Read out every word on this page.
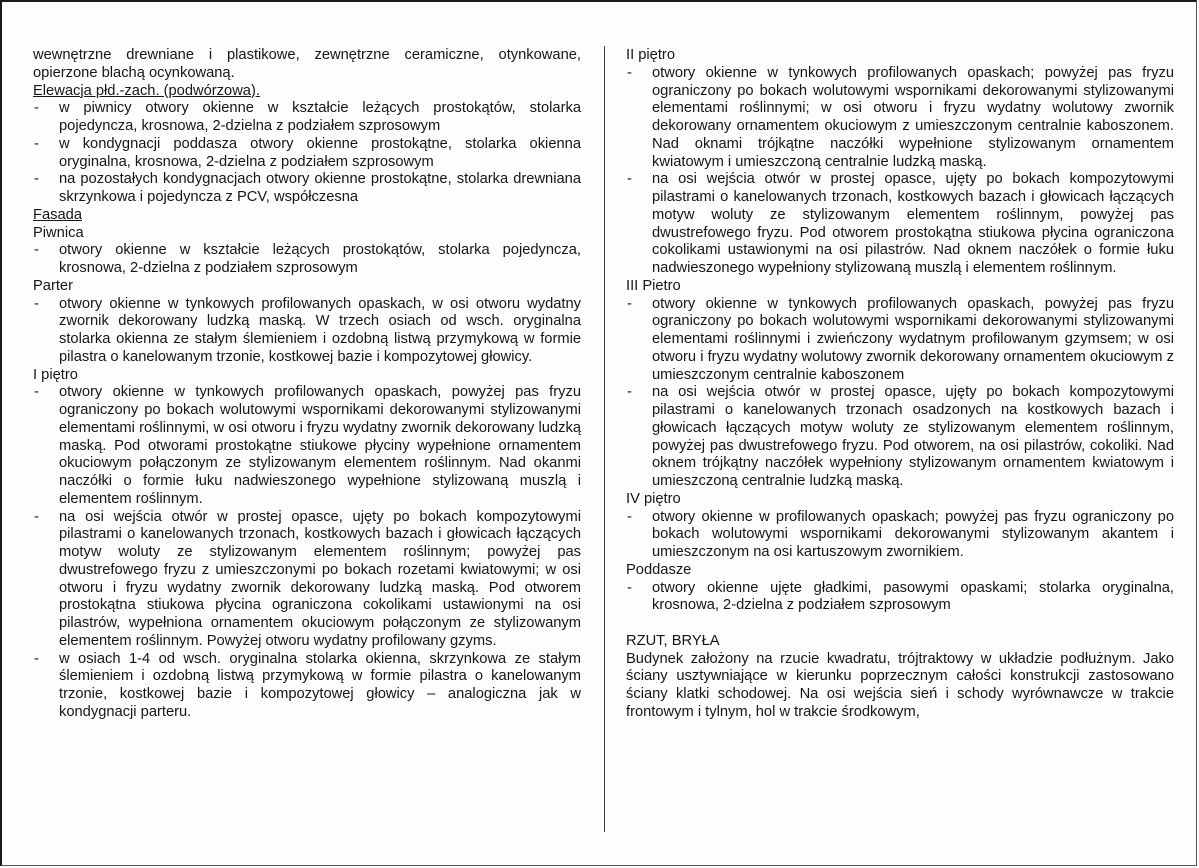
wewnętrzne drewniane i plastikowe, zewnętrzne ceramiczne, otynkowane, opierzone blachą ocynkowaną.
Elewacja płd.-zach. (podwórzowa).
- w piwnicy otwory okienne w kształcie leżących prostokątów, stolarka pojedyncza, krosnowa, 2-dzielna z podziałem szprosowym
- w kondygnacji poddasza otwory okienne prostokątne, stolarka okienna oryginalna, krosnowa, 2-dzielna z podziałem szprosowym
- na pozostałych kondygnacjach otwory okienne prostokątne, stolarka drewniana skrzynkowa i pojedyncza z PCV, współczesna
Fasada
Piwnica
- otwory okienne w kształcie leżących prostokątów, stolarka pojedyncza, krosnowa, 2-dzielna z podziałem szprosowym
Parter
- otwory okienne w tynkowych profilowanych opaskach, w osi otworu wydatny zwornik dekorowany ludzką maską. W trzech osiach od wsch. oryginalna stolarka okienna ze stałym ślemieniem i ozdobną listwą przymykową w formie pilastra o kanelowanym trzonie, kostkowej bazie i kompozytowej głowicy.
I piętro
- otwory okienne w tynkowych profilowanych opaskach, powyżej pas fryzu ograniczony po bokach wolutowymi wspornikami dekorowanymi stylizowanymi elementami roślinnymi, w osi otworu i fryzu wydatny zwornik dekorowany ludzką maską. Pod otworami prostokątne stiukowe płyciny wypełnione ornamentem okuciowym połączonym ze stylizowanym elementem roślinnym. Nad okanmi naczółki o formie łuku nadwieszonego wypełnione stylizowaną muszlą i elementem roślinnym.
- na osi wejścia otwór w prostej opasce, ujęty po bokach kompozytowymi pilastrami o kanelowanych trzonach, kostkowych bazach i głowicach łączących motyw woluty ze stylizowanym elementem roślinnym; powyżej pas dwustrefowego fryzu z umieszczonymi po bokach rozetami kwiatowymi; w osi otworu i fryzu wydatny zwornik dekorowany ludzką maską. Pod otworem prostokątna stiukowa płycina ograniczona cokolikami ustawionymi na osi pilastrów, wypełniona ornamentem okuciowym połączonym ze stylizowanym elementem roślinnym. Powyżej otworu wydatny profilowany gzyms.
- w osiach 1-4 od wsch. oryginalna stolarka okienna, skrzynkowa ze stałym ślemieniem i ozdobną listwą przymykową w formie pilastra o kanelowanym trzonie, kostkowej bazie i kompozytowej głowicy – analogiczna jak w kondygnacji parteru.
II piętro
- otwory okienne w tynkowych profilowanych opaskach; powyżej pas fryzu ograniczony po bokach wolutowymi wspornikami dekorowanymi stylizowanymi elementami roślinnymi; w osi otworu i fryzu wydatny wolutowy zwornik dekorowany ornamentem okuciowym z umieszczonym centralnie kaboszonem. Nad oknami trójkątne naczółki wypełnione stylizowanym ornamentem kwiatowym i umieszczoną centralnie ludzką maską.
- na osi wejścia otwór w prostej opasce, ujęty po bokach kompozytowymi pilastrami o kanelowanych trzonach, kostkowych bazach i głowicach łączących motyw woluty ze stylizowanym elementem roślinnym, powyżej pas dwustrefowego fryzu. Pod otworem prostokątna stiukowa płycina ograniczona cokolikami ustawionymi na osi pilastrów. Nad oknem naczółek o formie łuku nadwieszonego wypełniony stylizowaną muszlą i elementem roślinnym.
III Pietro
- otwory okienne w tynkowych profilowanych opaskach, powyżej pas fryzu ograniczony po bokach wolutowymi wspornikami dekorowanymi stylizowanymi elementami roślinnymi i zwieńczony wydatnym profilowanym gzymsem; w osi otworu i fryzu wydatny wolutowy zwornik dekorowany ornamentem okuciowym z umieszczonym centralnie kaboszonem
- na osi wejścia otwór w prostej opasce, ujęty po bokach kompozytowymi pilastrami o kanelowanych trzonach osadzonych na kostkowych bazach i głowicach łączących motyw woluty ze stylizowanym elementem roślinnym, powyżej pas dwustrefowego fryzu. Pod otworem, na osi pilastrów, cokoliki. Nad oknem trójkątny naczółek wypełniony stylizowanym ornamentem kwiatowym i umieszczoną centralnie ludzką maską.
IV piętro
- otwory okienne w profilowanych opaskach; powyżej pas fryzu ograniczony po bokach wolutowymi wspornikami dekorowanymi stylizowanym akantem i umieszczonym na osi kartuszowym zwornikiem.
Poddasze
- otwory okienne ujęte gładkimi, pasowymi opaskami; stolarka oryginalna, krosnowa, 2-dzielna z podziałem szprosowym
RZUT, BRYŁA
Budynek założony na rzucie kwadratu, trójtraktowy w układzie podłużnym. Jako ściany usztywniające w kierunku poprzecznym całości konstrukcji zastosowano ściany klatki schodowej. Na osi wejścia sień i schody wyrównawcze w trakcie frontowym i tylnym, hol w trakcie środkowym,
